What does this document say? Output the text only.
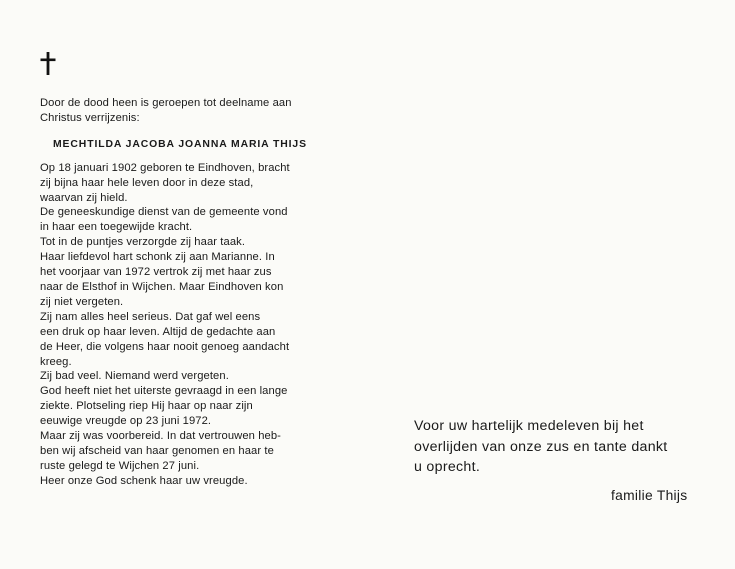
Door de dood heen is geroepen tot deelname aan
Christus verrijzenis:
MECHTILDA JACOBA JOANNA MARIA THIJS
Op 18 januari 1902 geboren te Eindhoven, bracht
zij bijna haar hele leven door in deze stad,
waarvan zij hield.
De geneeskundige dienst van de gemeente vond
in haar een toegewijde kracht.
Tot in de puntjes verzorgde zij haar taak.
Haar liefdevol hart schonk zij aan Marianne. In
het voorjaar van 1972 vertrok zij met haar zus
naar de Elsthof in Wijchen. Maar Eindhoven kon
zij niet vergeten.
Zij nam alles heel serieus. Dat gaf wel eens
een druk op haar leven. Altijd de gedachte aan
de Heer, die volgens haar nooit genoeg aandacht
kreeg.
Zij bad veel. Niemand werd vergeten.
God heeft niet het uiterste gevraagd in een lange
ziekte. Plotseling riep Hij haar op naar zijn
eeuwige vreugde op 23 juni 1972.
Maar zij was voorbereid. In dat vertrouwen heb-
ben wij afscheid van haar genomen en haar te
ruste gelegd te Wijchen 27 juni.
Heer onze God schenk haar uw vreugde.
Voor uw hartelijk medeleven bij het
overlijden van onze zus en tante dankt
u oprecht.
familie Thijs
